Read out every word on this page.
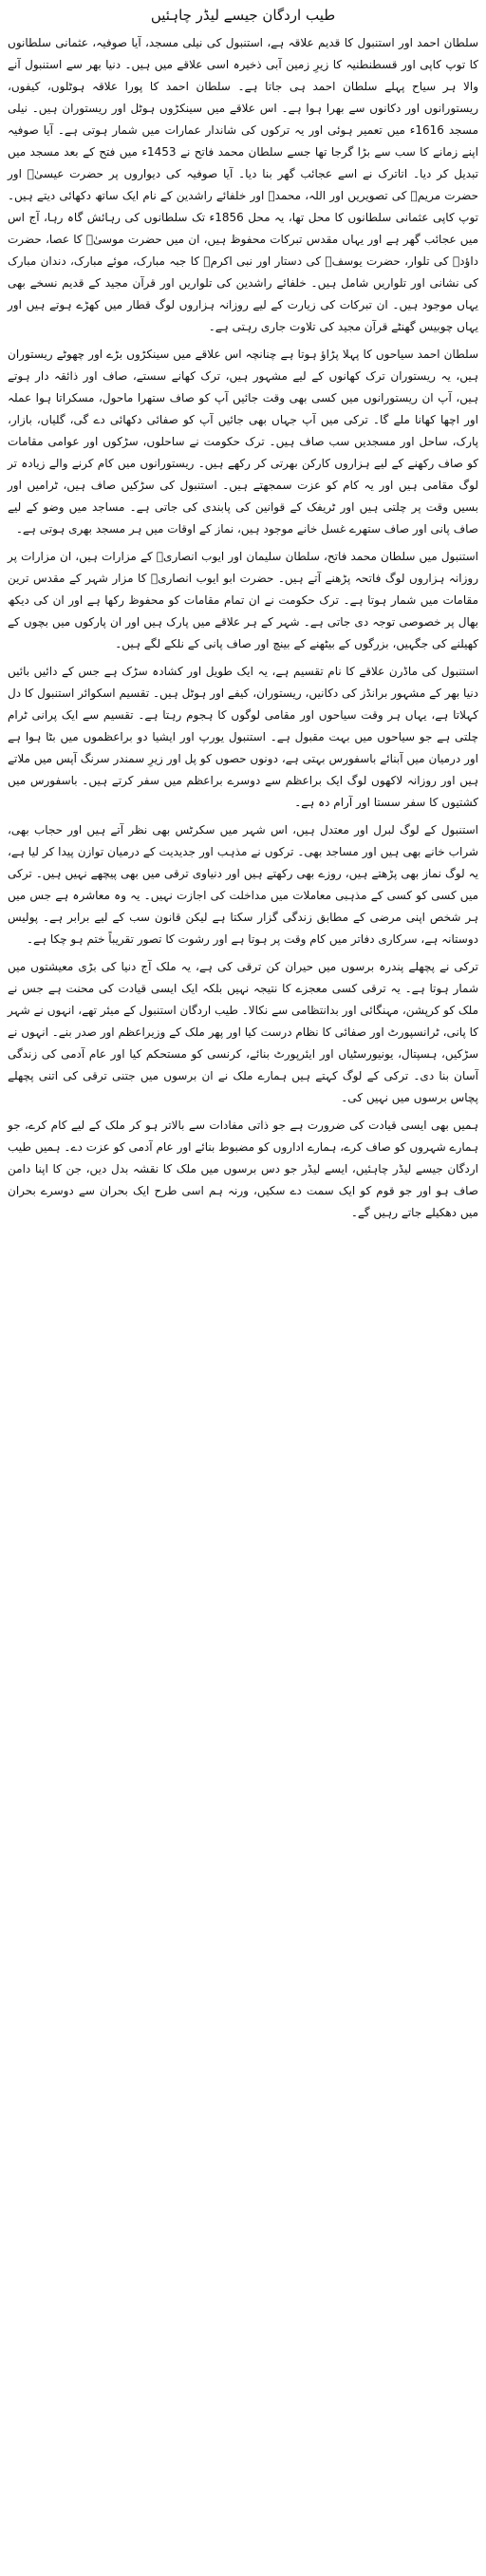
طیب اردگان جیسے لیڈر چاہئیں

سلطان احمد اور استنبول کا قدیم علاقہ ہے، استنبول کی نیلی مسجد، آیا صوفیہ، عثمانی سلطانوں کا توپ کاپی اور قسطنطنیہ کا زیرِ زمین آبی ذخیرہ اسی علاقے میں ہیں۔ دنیا بھر سے استنبول آنے والا ہر سیاح پہلے سلطان احمد ہی جاتا ہے۔ سلطان احمد کا پورا علاقہ ہوٹلوں، کیفوں، ریستورانوں اور دکانوں سے بھرا ہوا ہے۔ اس علاقے میں سینکڑوں ہوٹل اور ریستوران ہیں۔ نیلی مسجد 1616ء میں تعمیر ہوئی اور یہ ترکوں کی شاندار عمارات میں شمار ہوتی ہے۔ آیا صوفیہ اپنے زمانے کا سب سے بڑا گرجا تھا جسے سلطان محمد فاتح نے 1453ء میں فتح کے بعد مسجد میں تبدیل کر دیا۔ اتاترک نے اسے عجائب گھر بنا دیا۔ آیا صوفیہ کی دیواروں پر حضرت عیسیٰؑ اور حضرت مریمؑ کی تصویریں اور اللہ، محمدؐ اور خلفائے راشدین کے نام ایک ساتھ دکھائی دیتے ہیں۔ توپ کاپی عثمانی سلطانوں کا محل تھا، یہ محل 1856ء تک سلطانوں کی رہائش گاہ رہا، آج اس میں عجائب گھر ہے اور یہاں مقدس تبرکات محفوظ ہیں، ان میں حضرت موسیٰؑ کا عصا، حضرت داؤدؑ کی تلوار، حضرت یوسفؑ کی دستار اور نبی اکرمؐ کا جبہ مبارک، موئے مبارک، دندان مبارک کی نشانی اور تلواریں شامل ہیں۔ خلفائے راشدین کی تلواریں اور قرآن مجید کے قدیم نسخے بھی یہاں موجود ہیں۔ ان تبرکات کی زیارت کے لیے روزانہ ہزاروں لوگ قطار میں کھڑے ہوتے ہیں اور یہاں چوبیس گھنٹے قرآن مجید کی تلاوت جاری رہتی ہے۔

سلطان احمد سیاحوں کا پہلا پڑاؤ ہوتا ہے چنانچہ اس علاقے میں سینکڑوں بڑے اور چھوٹے ریستوران ہیں، یہ ریستوران ترک کھانوں کے لیے مشہور ہیں، ترک کھانے سستے، صاف اور ذائقہ دار ہوتے ہیں، آپ ان ریستورانوں میں کسی بھی وقت جائیں آپ کو صاف ستھرا ماحول، مسکراتا ہوا عملہ اور اچھا کھانا ملے گا۔ ترکی میں آپ جہاں بھی جائیں آپ کو صفائی دکھائی دے گی، گلیاں، بازار، پارک، ساحل اور مسجدیں سب صاف ہیں۔ ترک حکومت نے ساحلوں، سڑکوں اور عوامی مقامات کو صاف رکھنے کے لیے ہزاروں کارکن بھرتی کر رکھے ہیں۔ ریستورانوں میں کام کرنے والے زیادہ تر لوگ مقامی ہیں اور یہ کام کو عزت سمجھتے ہیں۔ استنبول کی سڑکیں صاف ہیں، ٹرامیں اور بسیں وقت پر چلتی ہیں اور ٹریفک کے قوانین کی پابندی کی جاتی ہے۔ مساجد میں وضو کے لیے صاف پانی اور صاف ستھرے غسل خانے موجود ہیں، نماز کے اوقات میں ہر مسجد بھری ہوتی ہے۔

استنبول میں سلطان محمد فاتح، سلطان سلیمان اور ایوب انصاریؓ کے مزارات ہیں، ان مزارات پر روزانہ ہزاروں لوگ فاتحہ پڑھنے آتے ہیں۔ حضرت ابو ایوب انصاریؓ کا مزار شہر کے مقدس ترین مقامات میں شمار ہوتا ہے۔ ترک حکومت نے ان تمام مقامات کو محفوظ رکھا ہے اور ان کی دیکھ بھال پر خصوصی توجہ دی جاتی ہے۔ شہر کے ہر علاقے میں پارک ہیں اور ان پارکوں میں بچوں کے کھیلنے کی جگہیں، بزرگوں کے بیٹھنے کے بینچ اور صاف پانی کے نلکے لگے ہیں۔

استنبول کی ماڈرن علاقے کا نام تقسیم ہے، یہ ایک طویل اور کشادہ سڑک ہے جس کے دائیں بائیں دنیا بھر کے مشہور برانڈز کی دکانیں، ریستوران، کیفے اور ہوٹل ہیں۔ تقسیم اسکوائر استنبول کا دل کہلاتا ہے، یہاں ہر وقت سیاحوں اور مقامی لوگوں کا ہجوم رہتا ہے۔ تقسیم سے ایک پرانی ٹرام چلتی ہے جو سیاحوں میں بہت مقبول ہے۔ استنبول یورپ اور ایشیا دو براعظموں میں بٹا ہوا ہے اور درمیان میں آبنائے باسفورس بہتی ہے، دونوں حصوں کو پل اور زیرِ سمندر سرنگ آپس میں ملاتے ہیں اور روزانہ لاکھوں لوگ ایک براعظم سے دوسرے براعظم میں سفر کرتے ہیں۔ باسفورس میں کشتیوں کا سفر سستا اور آرام دہ ہے۔

استنبول کے لوگ لبرل اور معتدل ہیں، اس شہر میں سکرٹس بھی نظر آتے ہیں اور حجاب بھی، شراب خانے بھی ہیں اور مساجد بھی۔ ترکوں نے مذہب اور جدیدیت کے درمیان توازن پیدا کر لیا ہے، یہ لوگ نماز بھی پڑھتے ہیں، روزے بھی رکھتے ہیں اور دنیاوی ترقی میں بھی پیچھے نہیں ہیں۔ ترکی میں کسی کو کسی کے مذہبی معاملات میں مداخلت کی اجازت نہیں۔ یہ وہ معاشرہ ہے جس میں ہر شخص اپنی مرضی کے مطابق زندگی گزار سکتا ہے لیکن قانون سب کے لیے برابر ہے۔ پولیس دوستانہ ہے، سرکاری دفاتر میں کام وقت پر ہوتا ہے اور رشوت کا تصور تقریباً ختم ہو چکا ہے۔

ترکی نے پچھلے پندرہ برسوں میں حیران کن ترقی کی ہے، یہ ملک آج دنیا کی بڑی معیشتوں میں شمار ہوتا ہے۔ یہ ترقی کسی معجزے کا نتیجہ نہیں بلکہ ایک ایسی قیادت کی محنت ہے جس نے ملک کو کرپشن، مہنگائی اور بدانتظامی سے نکالا۔ طیب اردگان استنبول کے میئر تھے، انہوں نے شہر کا پانی، ٹرانسپورٹ اور صفائی کا نظام درست کیا اور پھر ملک کے وزیراعظم اور صدر بنے۔ انہوں نے سڑکیں، ہسپتال، یونیورسٹیاں اور ایئرپورٹ بنائے، کرنسی کو مستحکم کیا اور عام آدمی کی زندگی آسان بنا دی۔ ترکی کے لوگ کہتے ہیں ہمارے ملک نے ان برسوں میں جتنی ترقی کی اتنی پچھلے پچاس برسوں میں نہیں کی۔

ہمیں بھی ایسی قیادت کی ضرورت ہے جو ذاتی مفادات سے بالاتر ہو کر ملک کے لیے کام کرے، جو ہمارے شہروں کو صاف کرے، ہمارے اداروں کو مضبوط بنائے اور عام آدمی کو عزت دے۔ ہمیں طیب اردگان جیسے لیڈر چاہئیں، ایسے لیڈر جو دس برسوں میں ملک کا نقشہ بدل دیں، جن کا اپنا دامن صاف ہو اور جو قوم کو ایک سمت دے سکیں، ورنہ ہم اسی طرح ایک بحران سے دوسرے بحران میں دھکیلے جاتے رہیں گے۔
